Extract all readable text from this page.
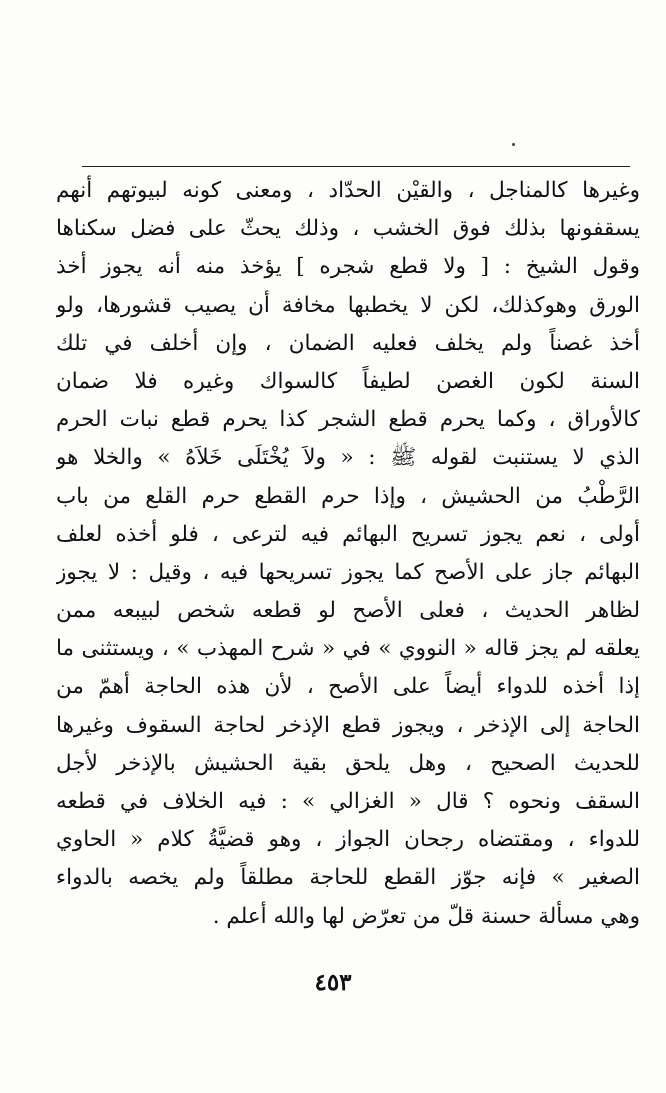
وغيرها كالمناجل ، والقيْن الحدّاد ، ومعنى كونه لبيوتهم أنهم
يسقفونها بذلك فوق الخشب ، وذلك يحثّ على فضل سكناها
وقول الشيخ : [ ولا قطع شجره ] يؤخذ منه أنه يجوز أخذ
الورق وهوكذلك، لكن لا يخطبها مخافة أن يصيب قشورها، ولو
أخذ غصناً ولم يخلف فعليه الضمان ، وإن أخلف في تلك
السنة لكون الغصن لطيفاً كالسواك وغيره فلا ضمان
كالأوراق ، وكما يحرم قطع الشجر كذا يحرم قطع نبات الحرم
الذي لا يستنبت لقوله ﷺ : « ولاَ يُخْتَلَى خَلاَهُ » والخلا هو
الرَّطْبُ من الحشيش ، وإذا حرم القطع حرم القلع من باب
أولى ، نعم يجوز تسريح البهائم فيه لترعى ، فلو أخذه لعلف
البهائم جاز على الأصح كما يجوز تسريحها فيه ، وقيل : لا يجوز
لظاهر الحديث ، فعلى الأصح لو قطعه شخص لبيبعه ممن
يعلقه لم يجز قاله « النووي » في « شرح المهذب » ، ويستثنى ما
إذا أخذه للدواء أيضاً على الأصح ، لأن هذه الحاجة أهمّ من
الحاجة إلى الإذخر ، ويجوز قطع الإذخر لحاجة السقوف وغيرها
للحديث الصحيح ، وهل يلحق بقية الحشيش بالإذخر لأجل
السقف ونحوه ؟ قال « الغزالي » : فيه الخلاف في قطعه
للدواء ، ومقتضاه رجحان الجواز ، وهو قضيَّةُ كلام « الحاوي
الصغير » فإنه جوّز القطع للحاجة مطلقاً ولم يخصه بالدواء
وهي مسألة حسنة قلّ من تعرّض لها والله أعلم .
٤٥٣
